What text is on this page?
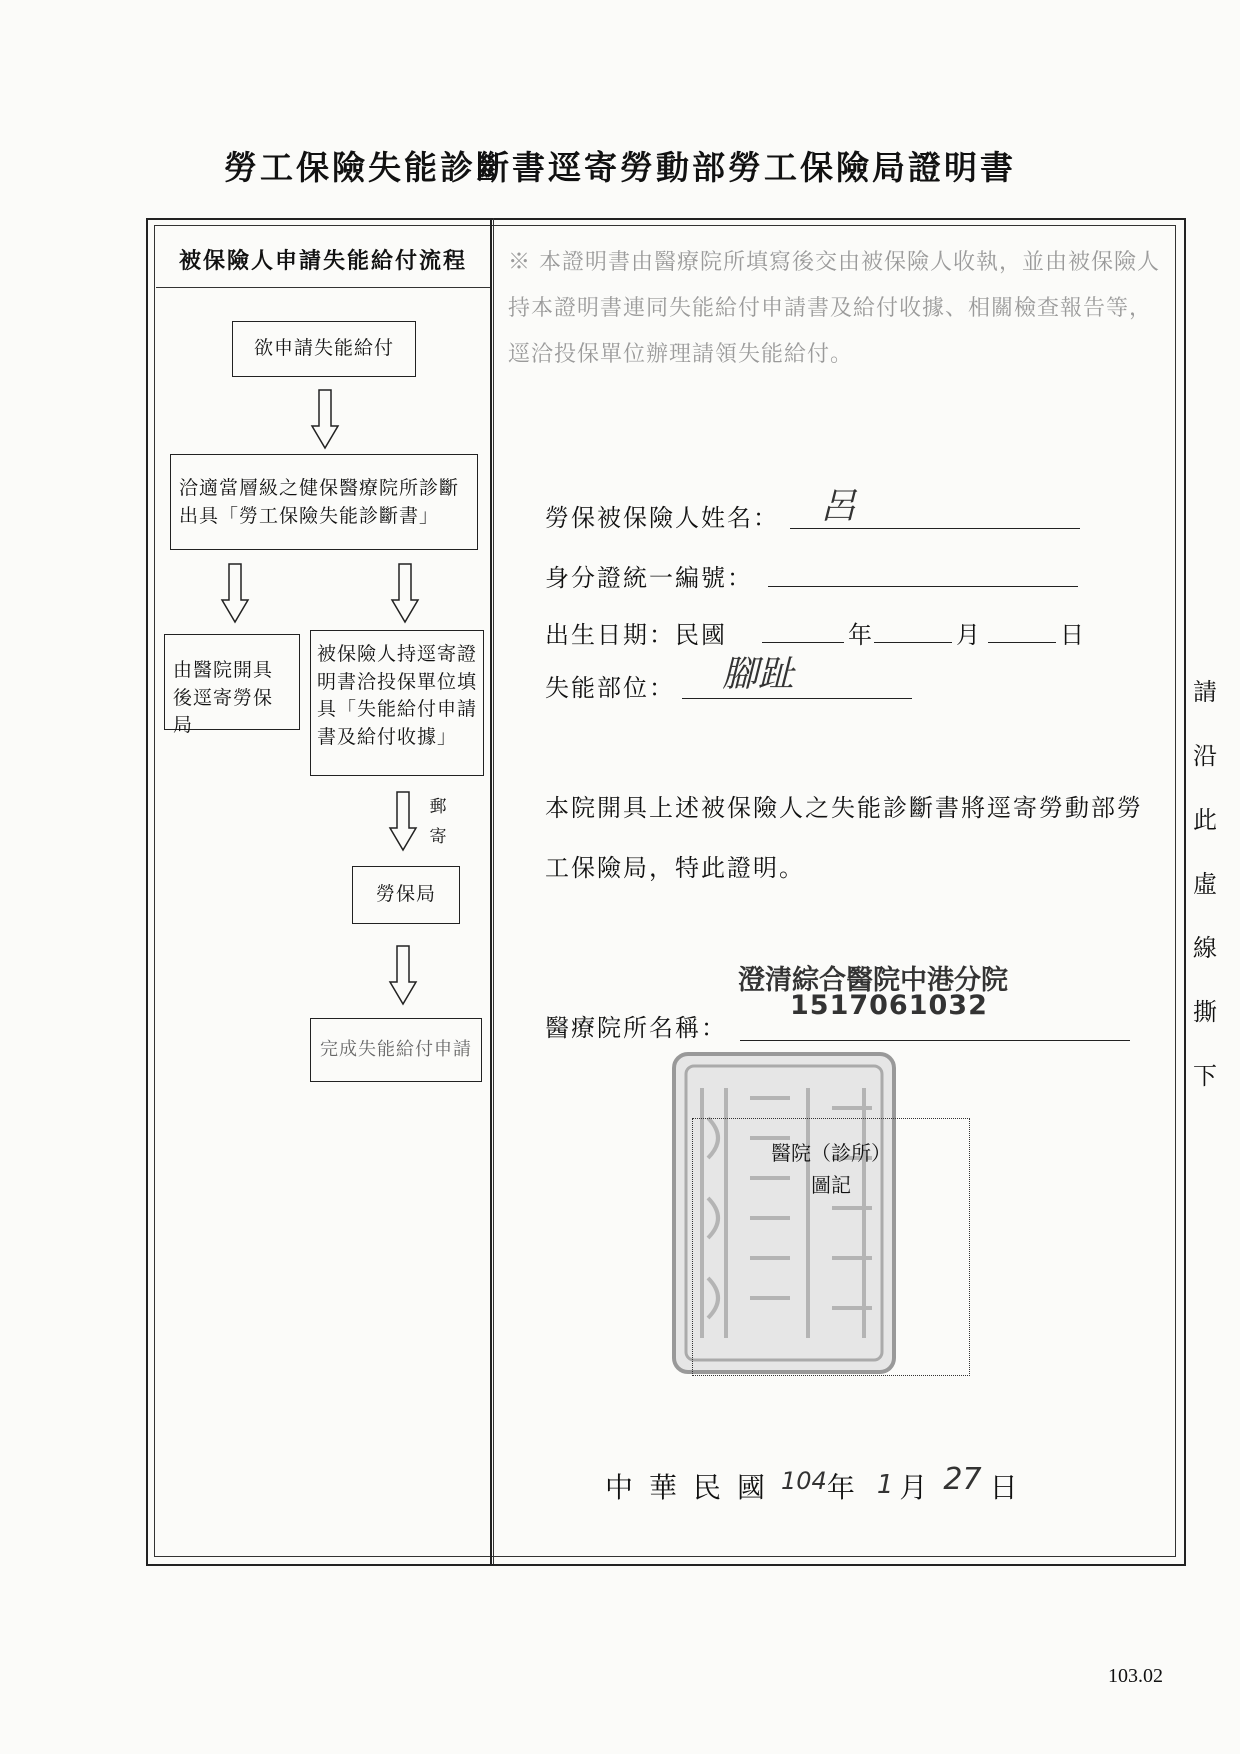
勞工保險失能診斷書逕寄勞動部勞工保險局證明書
被保險人申請失能給付流程
欲申請失能給付
洽適當層級之健保醫療院所診斷出具「勞工保險失能診斷書」
由醫院開具後逕寄勞保局
被保險人持逕寄證明書洽投保單位填具「失能給付申請書及給付收據」
郵寄
勞保局
完成失能給付申請
※ 本證明書由醫療院所填寫後交由被保險人收執，並由被保險人持本證明書連同失能給付申請書及給付收據、相關檢查報告等，逕洽投保單位辦理請領失能給付。
勞保被保險人姓名： 呂
身分證統一編號：
出生日期：民國	年	月	日
失能部位： 腳趾
本院開具上述被保險人之失能診斷書將逕寄勞動部勞工保險局，特此證明。
澄清綜合醫院中港分院
1517061032
醫療院所名稱：
醫院（診所）
圖記
中華民國104年 1 月27 日
請沿此虛線撕下
103.02
